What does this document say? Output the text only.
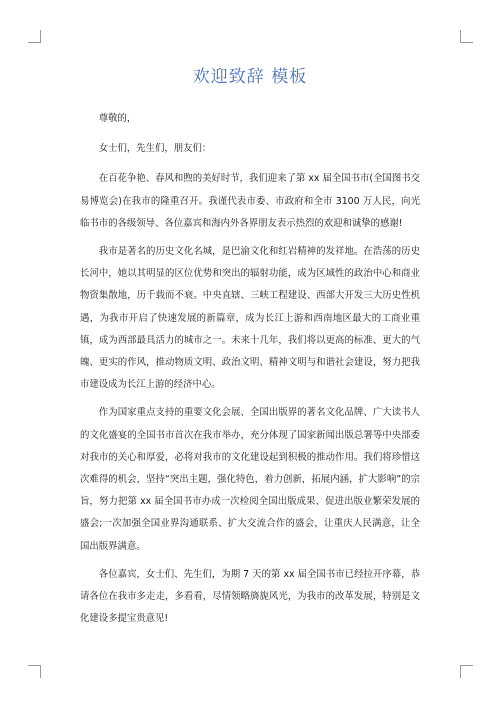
欢迎致辞 模板

尊敬的，

女士们，先生们，朋友们：

在百花争艳、春风和煦的美好时节，我们迎来了第 xx 届全国书市(全国图书交易博览会)在我市的隆重召开。我谨代表市委、市政府和全市 3100 万人民，向光临书市的各级领导、各位嘉宾和海内外各界朋友表示热烈的欢迎和诚挚的感谢!

我市是著名的历史文化名城，是巴渝文化和红岩精神的发祥地。在浩荡的历史长河中，她以其明显的区位优势和突出的辐射功能，成为区域性的政治中心和商业物资集散地，历千载而不衰。中央直辖、三峡工程建设、西部大开发三大历史性机遇，为我市开启了快速发展的新篇章，成为长江上游和西南地区最大的工商业重镇，成为西部最具活力的城市之一。未来十几年，我们将以更高的标准、更大的气魄、更实的作风，推动物质文明、政治文明、精神文明与和谐社会建设，努力把我市建设成为长江上游的经济中心。

作为国家重点支持的重要文化会展、全国出版界的著名文化品牌、广大读书人的文化盛宴的全国书市首次在我市举办，充分体现了国家新闻出版总署等中央部委对我市的关心和厚爱，必将对我市的文化建设起到积极的推动作用。我们将珍惜这次难得的机会，坚持“突出主题，强化特色，着力创新，拓展内涵，扩大影响”的宗旨，努力把第 xx 届全国书市办成一次检阅全国出版成果、促进出版业繁荣发展的盛会;一次加强全国业界沟通联系、扩大交流合作的盛会，让重庆人民满意，让全国出版界满意。

各位嘉宾，女士们、先生们，为期 7 天的第 xx 届全国书市已经拉开序幕，恭请各位在我市多走走，多看看，尽情领略旖旎风光，为我市的改革发展，特别是文化建设多提宝贵意见!
